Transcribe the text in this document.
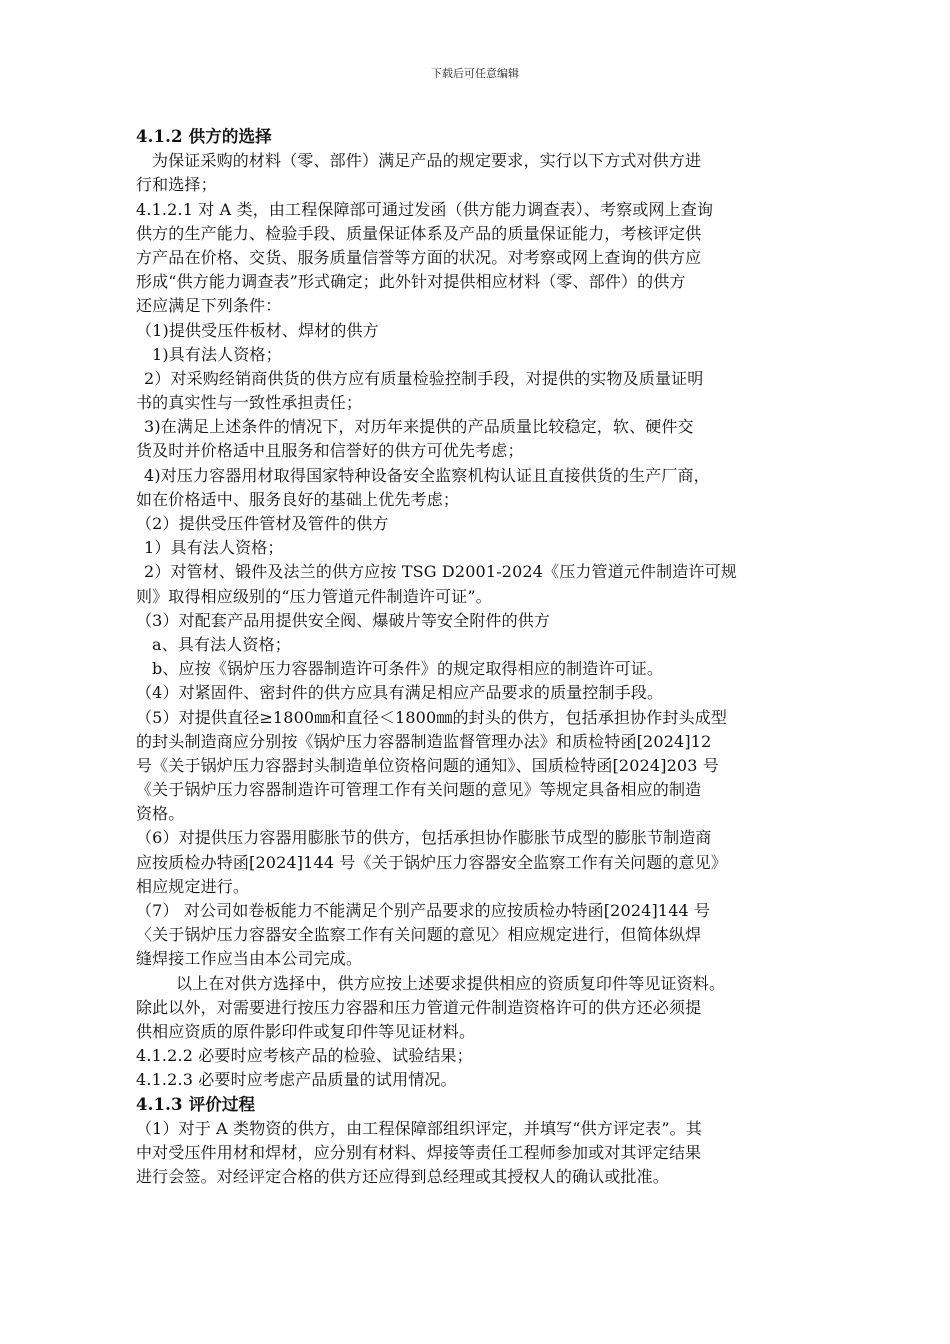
下载后可任意编辑
4.1.2 供方的选择
为保证采购的材料（零、部件）满足产品的规定要求，实行以下方式对供方进
行和选择；
4.1.2.1 对 A 类，由工程保障部可通过发函（供方能力调查表）、考察或网上查询
供方的生产能力、检验手段、质量保证体系及产品的质量保证能力，考核评定供
方产品在价格、交货、服务质量信誉等方面的状况。对考察或网上查询的供方应
形成“供方能力调查表”形式确定；此外针对提供相应材料（零、部件）的供方
还应满足下列条件：
（1)提供受压件板材、焊材的供方
1)具有法人资格；
2）对采购经销商供货的供方应有质量检验控制手段，对提供的实物及质量证明
书的真实性与一致性承担责任；
3)在满足上述条件的情况下，对历年来提供的产品质量比较稳定，软、硬件交
货及时并价格适中且服务和信誉好的供方可优先考虑；
4)对压力容器用材取得国家特种设备安全监察机构认证且直接供货的生产厂商，
如在价格适中、服务良好的基础上优先考虑；
（2）提供受压件管材及管件的供方
1）具有法人资格；
2）对管材、锻件及法兰的供方应按 TSG D2001-2024《压力管道元件制造许可规
则》取得相应级别的“压力管道元件制造许可证”。
（3）对配套产品用提供安全阀、爆破片等安全附件的供方
a、具有法人资格；
b、应按《锅炉压力容器制造许可条件》的规定取得相应的制造许可证。
（4）对紧固件、密封件的供方应具有满足相应产品要求的质量控制手段。
（5）对提供直径≥1800㎜和直径＜1800㎜的封头的供方，包括承担协作封头成型
的封头制造商应分别按《锅炉压力容器制造监督管理办法》和质检特函[2024]12
号《关于锅炉压力容器封头制造单位资格问题的通知》、国质检特函[2024]203 号
《关于锅炉压力容器制造许可管理工作有关问题的意见》等规定具备相应的制造
资格。
（6）对提供压力容器用膨胀节的供方，包括承担协作膨胀节成型的膨胀节制造商
应按质检办特函[2024]144 号《关于锅炉压力容器安全监察工作有关问题的意见》
相应规定进行。
（7） 对公司如卷板能力不能满足个别产品要求的应按质检办特函[2024]144 号
〈关于锅炉压力容器安全监察工作有关问题的意见〉相应规定进行，但简体纵焊
缝焊接工作应当由本公司完成。
以上在对供方选择中，供方应按上述要求提供相应的资质复印件等见证资料。
除此以外，对需要进行按压力容器和压力管道元件制造资格许可的供方还必须提
供相应资质的原件影印件或复印件等见证材料。
4.1.2.2 必要时应考核产品的检验、试验结果；
4.1.2.3 必要时应考虑产品质量的试用情况。
4.1.3 评价过程
（1）对于 A 类物资的供方，由工程保障部组织评定，并填写“供方评定表”。其
中对受压件用材和焊材，应分别有材料、焊接等责任工程师参加或对其评定结果
进行会签。对经评定合格的供方还应得到总经理或其授权人的确认或批准。
